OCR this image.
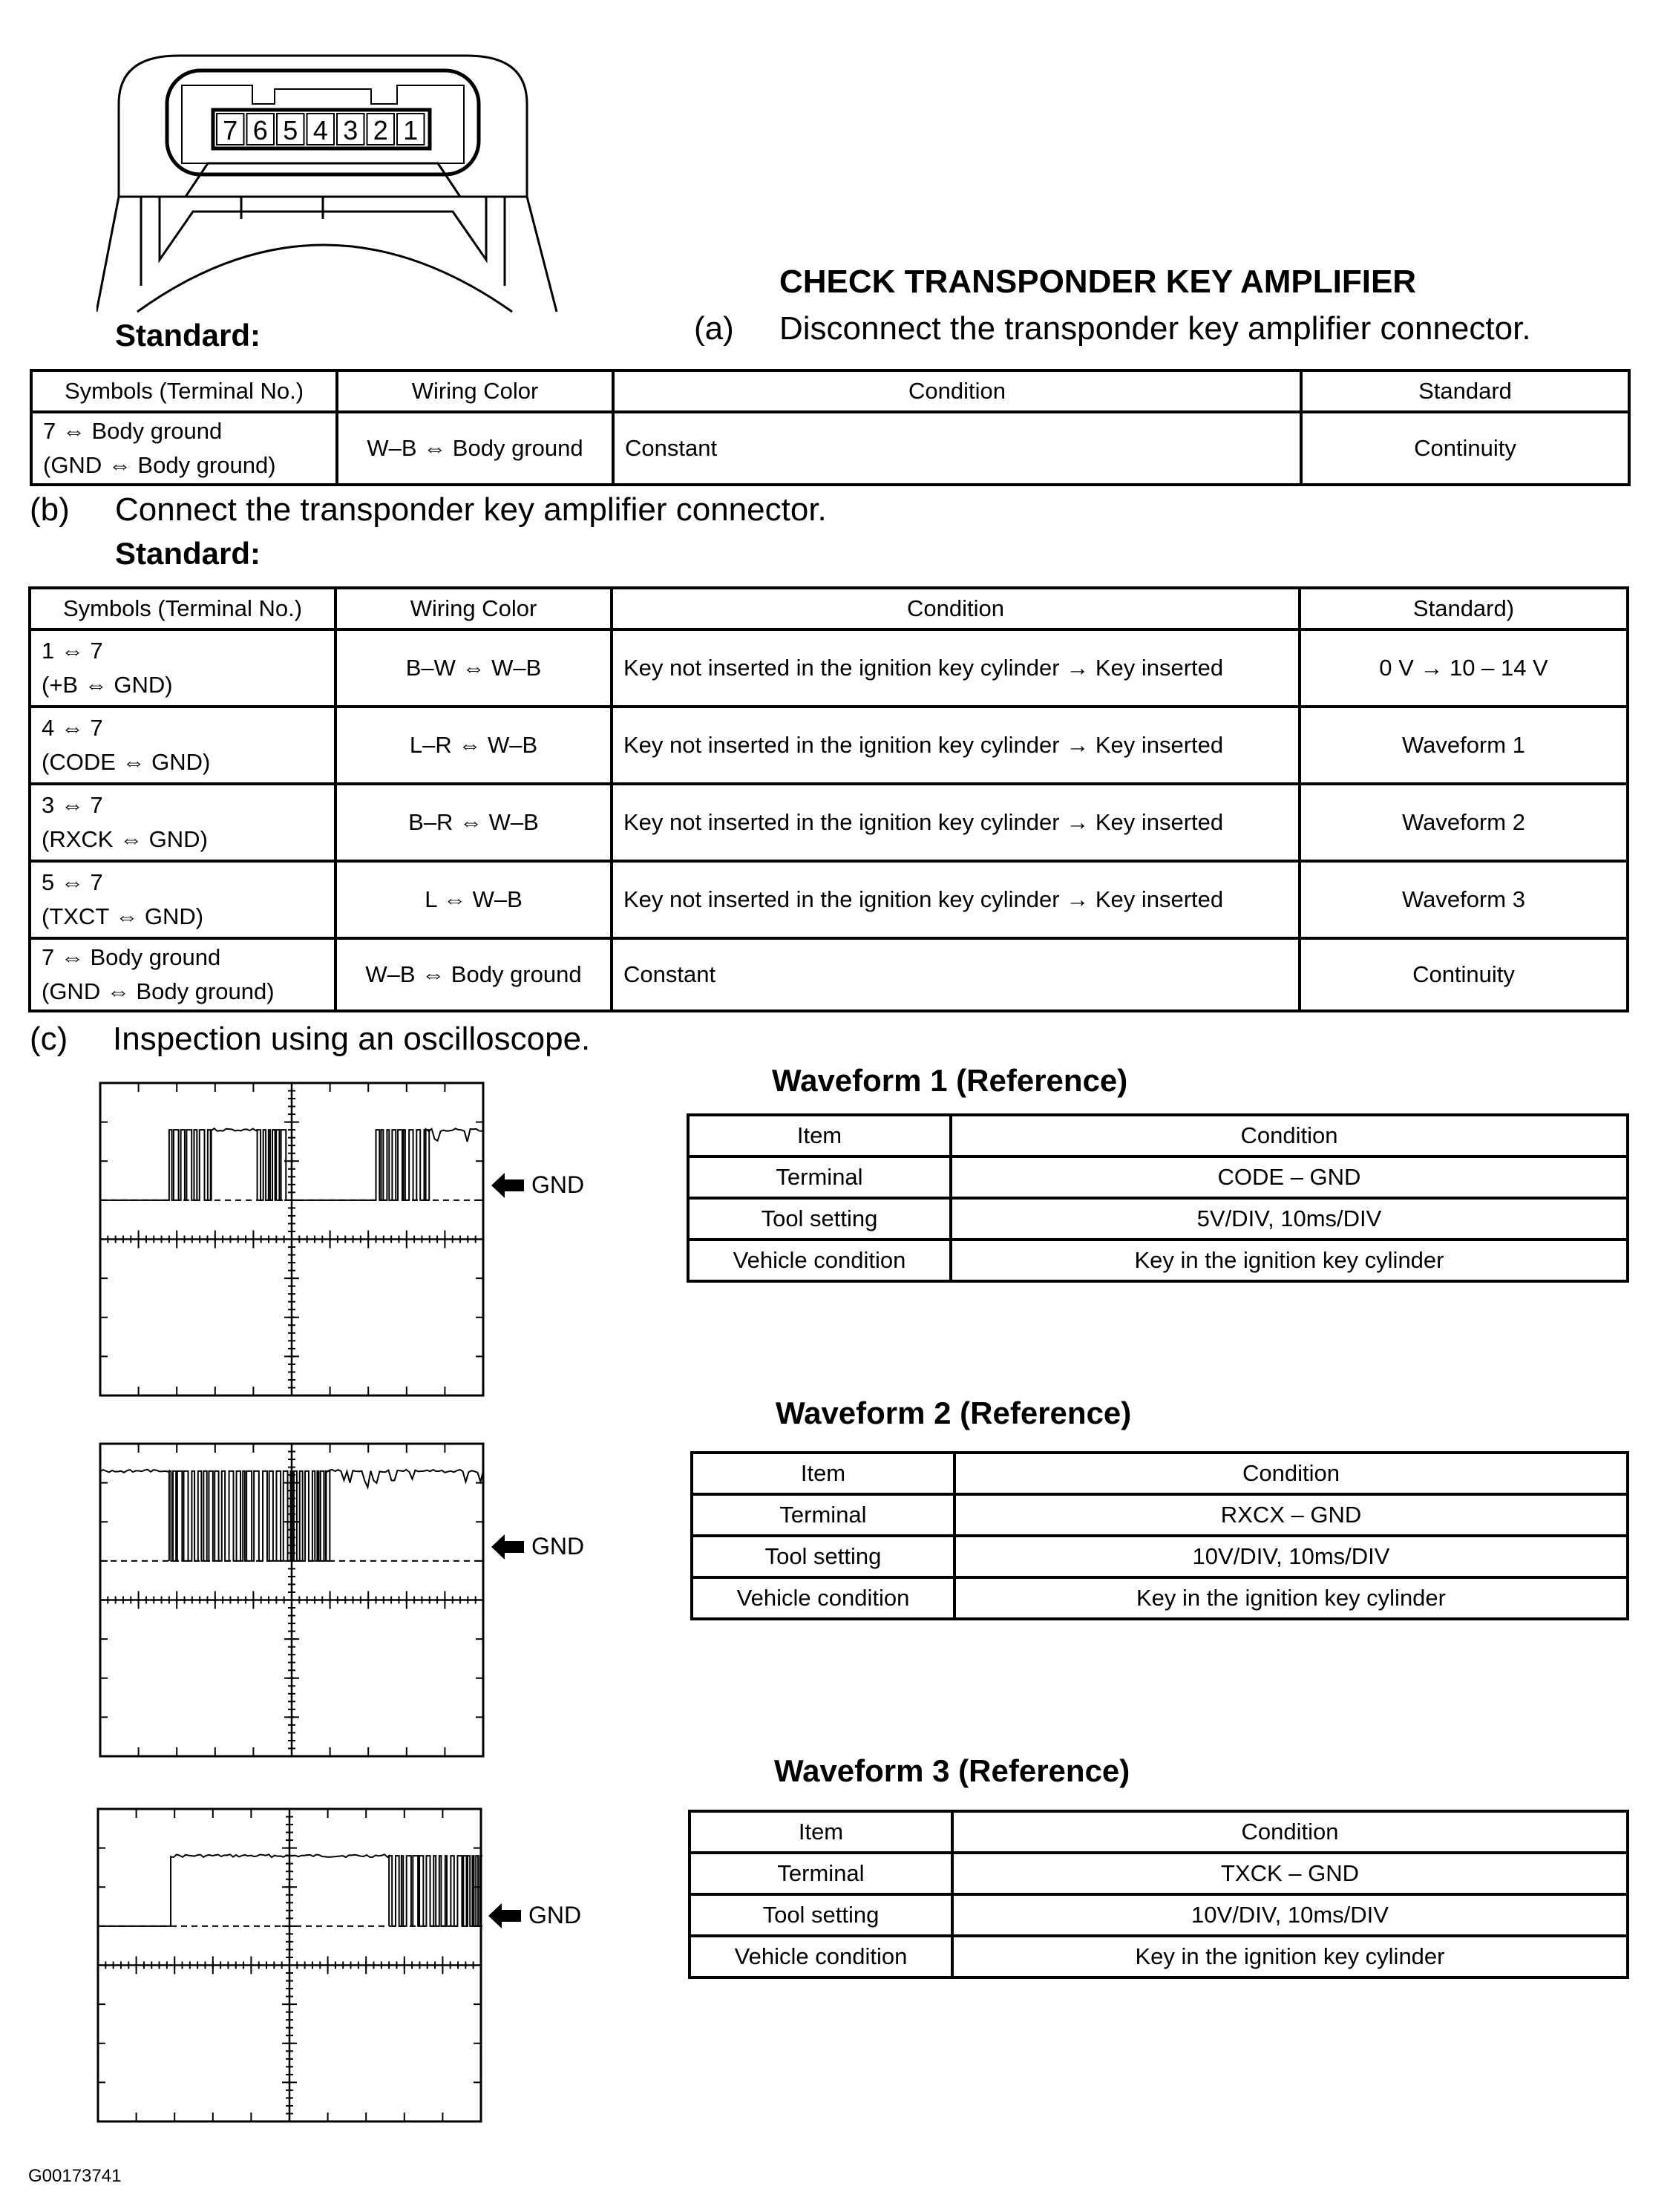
7 6 5 4 3 2 1
CHECK TRANSPONDER KEY AMPLIFIER
(a) Disconnect the transponder key amplifier connector.
Standard:
Symbols (Terminal No.)	Wiring Color	Condition	Standard

7 ⇔ Body ground
(GND ⇔ Body ground)	W–B ⇔ Body ground	Constant	Continuity
(b) Connect the transponder key amplifier connector.
Standard:
Symbols (Terminal No.)	Wiring Color	Condition	Standard)

1 ⇔ 7
(+B ⇔ GND)	B–W ⇔ W–B	Key not inserted in the ignition key cylinder → Key inserted	0 V → 10 – 14 V

4 ⇔ 7
(CODE ⇔ GND)	L–R ⇔ W–B	Key not inserted in the ignition key cylinder → Key inserted	Waveform 1

3 ⇔ 7
(RXCK ⇔ GND)	B–R ⇔ W–B	Key not inserted in the ignition key cylinder → Key inserted	Waveform 2

5 ⇔ 7
(TXCT ⇔ GND)	L ⇔ W–B	Key not inserted in the ignition key cylinder → Key inserted	Waveform 3

7 ⇔ Body ground
(GND ⇔ Body ground)	W–B ⇔ Body ground	Constant	Continuity
(c) Inspection using an oscilloscope.
GND
GND
GND
Waveform 1 (Reference)
Item	Condition
Terminal	CODE – GND
Tool setting	5V/DIV, 10ms/DIV
Vehicle condition	Key in the ignition key cylinder
Waveform 2 (Reference)
Item	Condition
Terminal	RXCX – GND
Tool setting	10V/DIV, 10ms/DIV
Vehicle condition	Key in the ignition key cylinder
Waveform 3 (Reference)
Item	Condition
Terminal	TXCK – GND
Tool setting	10V/DIV, 10ms/DIV
Vehicle condition	Key in the ignition key cylinder
G00173741
